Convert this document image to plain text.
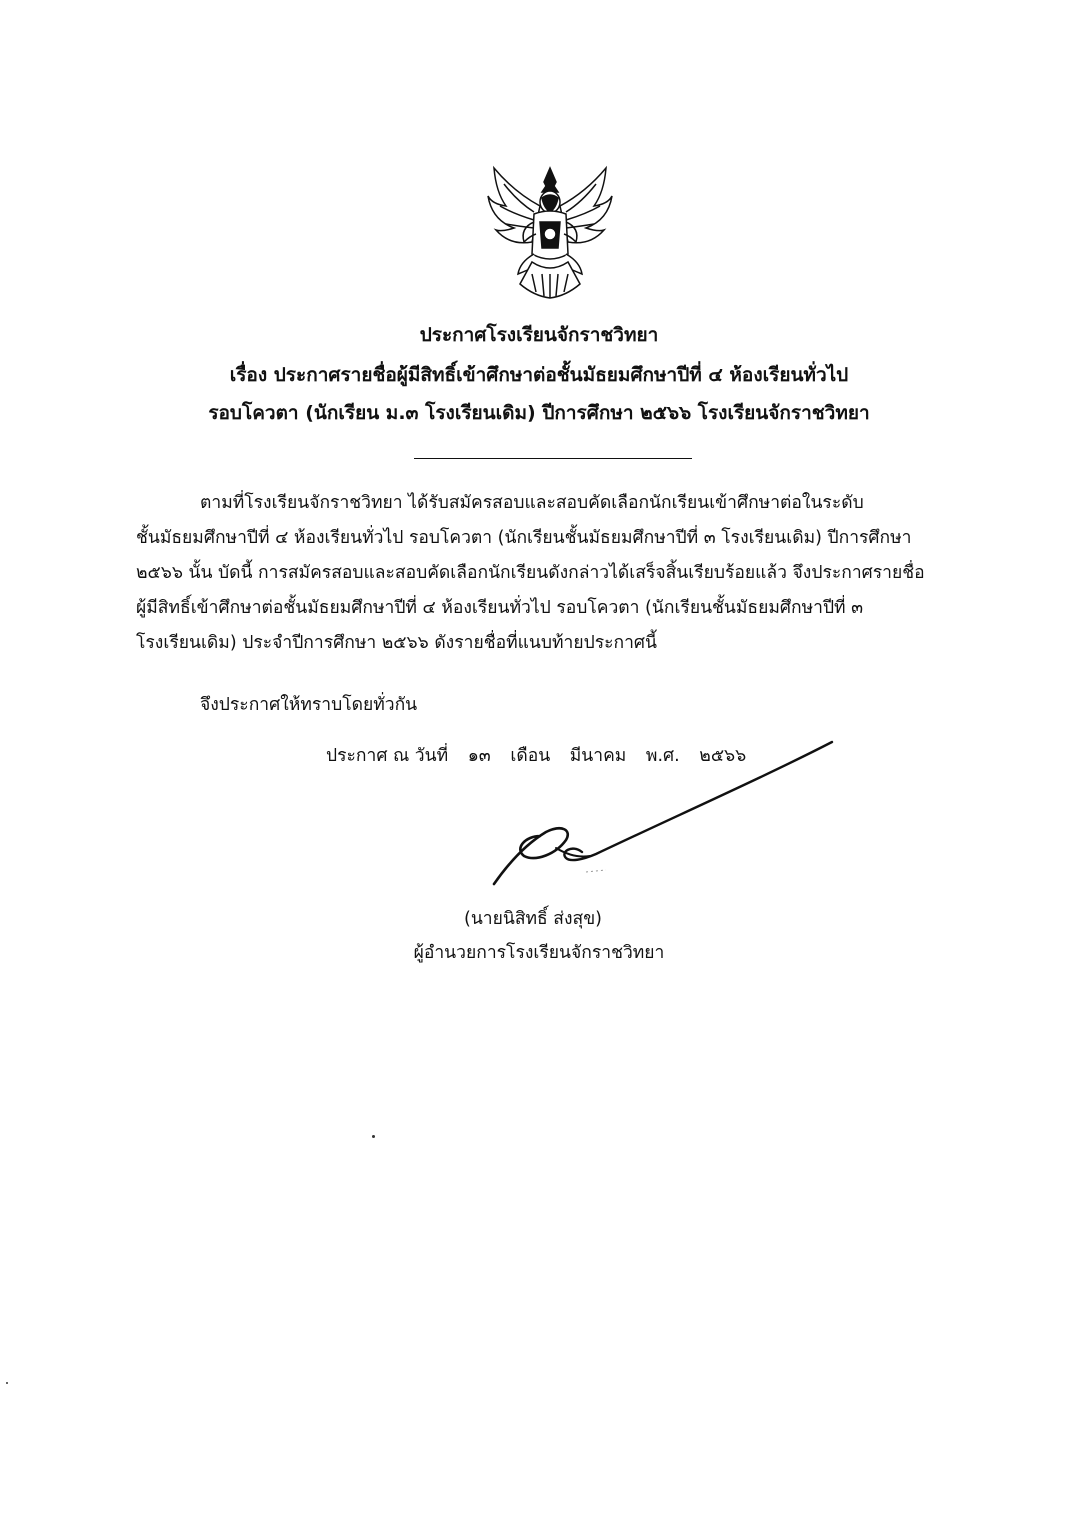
ประกาศโรงเรียนจักราชวิทยา
เรื่อง ประกาศรายชื่อผู้มีสิทธิ์เข้าศึกษาต่อชั้นมัธยมศึกษาปีที่ ๔ ห้องเรียนทั่วไป
รอบโควตา (นักเรียน ม.๓ โรงเรียนเดิม) ปีการศึกษา ๒๕๖๖ โรงเรียนจักราชวิทยา
ตามที่โรงเรียนจักราชวิทยา ได้รับสมัครสอบและสอบคัดเลือกนักเรียนเข้าศึกษาต่อในระดับ
ชั้นมัธยมศึกษาปีที่ ๔ ห้องเรียนทั่วไป รอบโควตา (นักเรียนชั้นมัธยมศึกษาปีที่ ๓ โรงเรียนเดิม) ปีการศึกษา
๒๕๖๖ นั้น บัดนี้ การสมัครสอบและสอบคัดเลือกนักเรียนดังกล่าวได้เสร็จสิ้นเรียบร้อยแล้ว จึงประกาศรายชื่อ
ผู้มีสิทธิ์เข้าศึกษาต่อชั้นมัธยมศึกษาปีที่ ๔ ห้องเรียนทั่วไป รอบโควตา (นักเรียนชั้นมัธยมศึกษาปีที่ ๓
โรงเรียนเดิม) ประจำปีการศึกษา ๒๕๖๖ ดังรายชื่อที่แนบท้ายประกาศนี้
จึงประกาศให้ทราบโดยทั่วกัน
ประกาศ ณ วันที่ ๑๓ เดือน มีนาคม พ.ศ. ๒๕๖๖
(นายนิสิทธิ์ ส่งสุข)
ผู้อำนวยการโรงเรียนจักราชวิทยา
